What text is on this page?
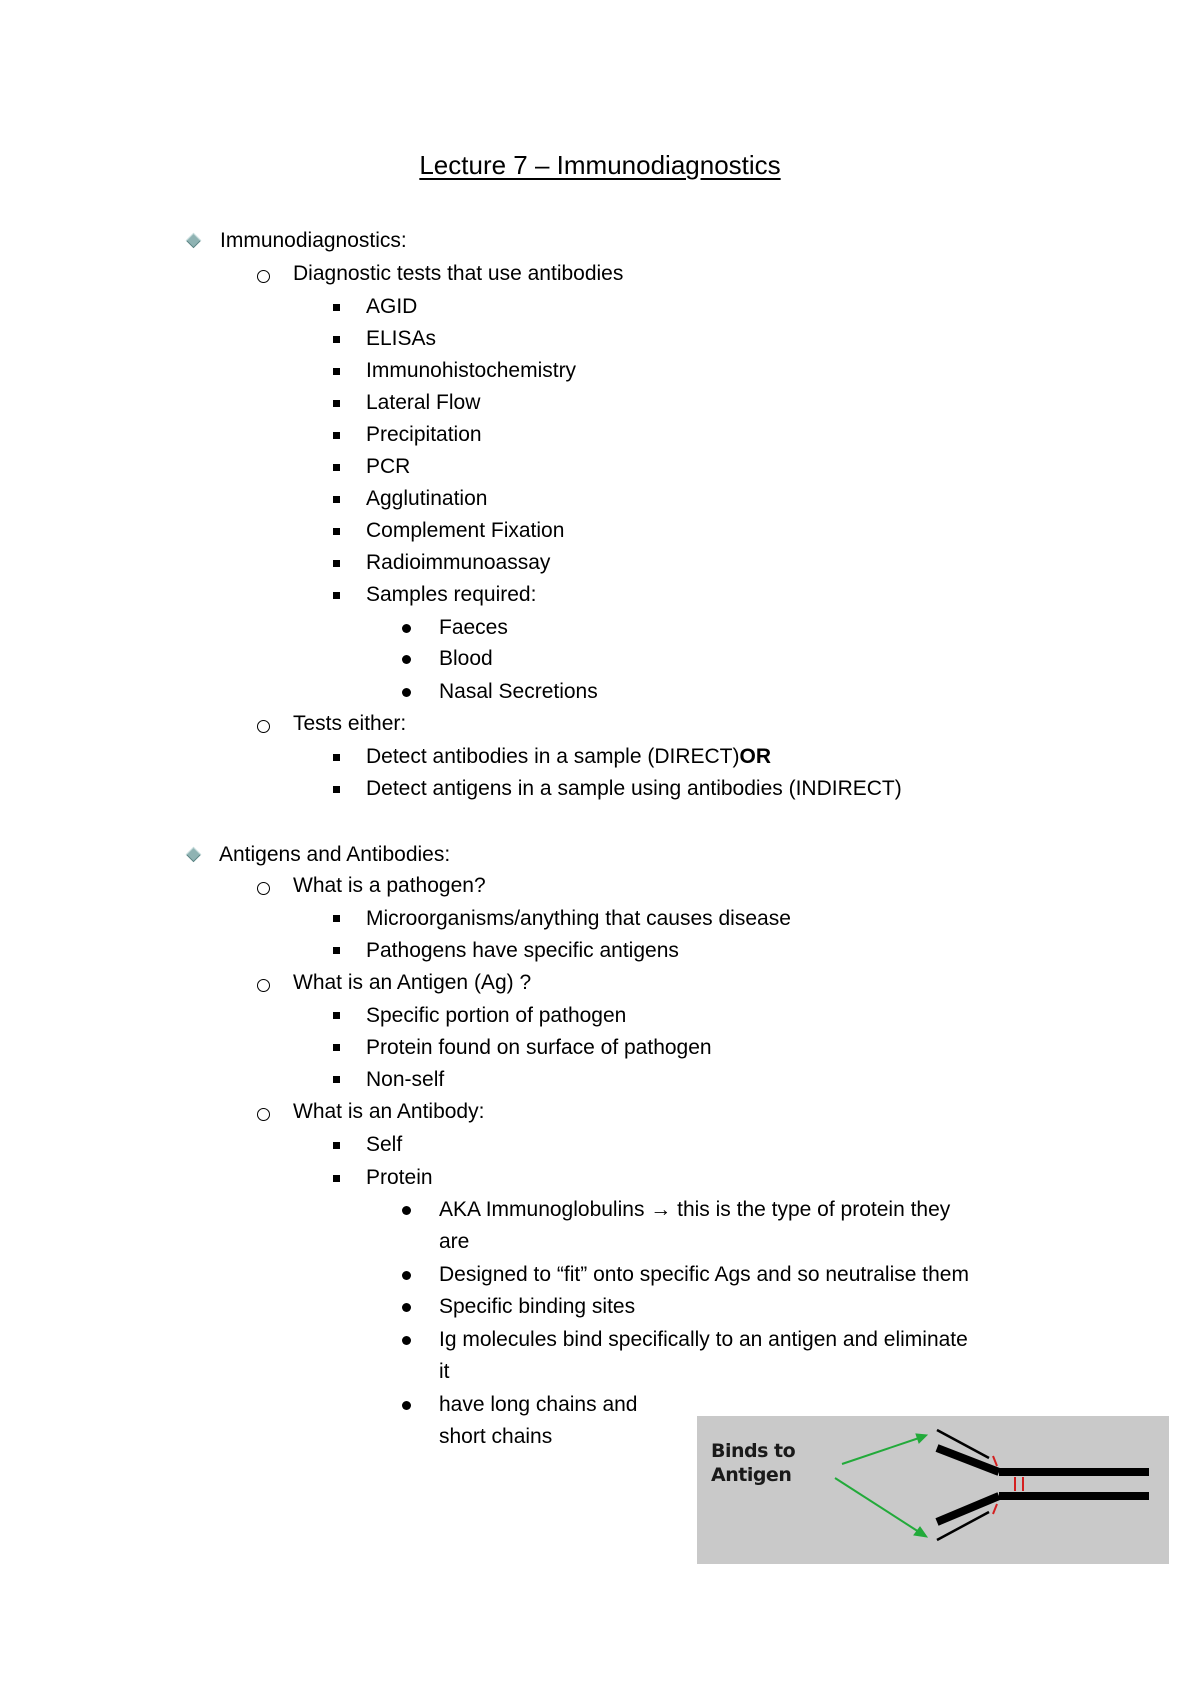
Lecture 7 – Immunodiagnostics
Immunodiagnostics:
Diagnostic tests that use antibodies
AGID
ELISAs
Immunohistochemistry
Lateral Flow
Precipitation
PCR
Agglutination
Complement Fixation
Radioimmunoassay
Samples required:
Faeces
Blood
Nasal Secretions
Tests either:
Detect antibodies in a sample (DIRECT)OR
Detect antigens in a sample using antibodies (INDIRECT)
Antigens and Antibodies:
What is a pathogen?
Microorganisms/anything that causes disease
Pathogens have specific antigens
What is an Antigen (Ag) ?
Specific portion of pathogen
Protein found on surface of pathogen
Non-self
What is an Antibody:
Self
Protein
AKA Immunoglobulins → this is the type of protein they
are
Designed to “fit” onto specific Ags and so neutralise them
Specific binding sites
Ig molecules bind specifically to an antigen and eliminate
it
have long chains and
short chains
Binds to
Antigen
